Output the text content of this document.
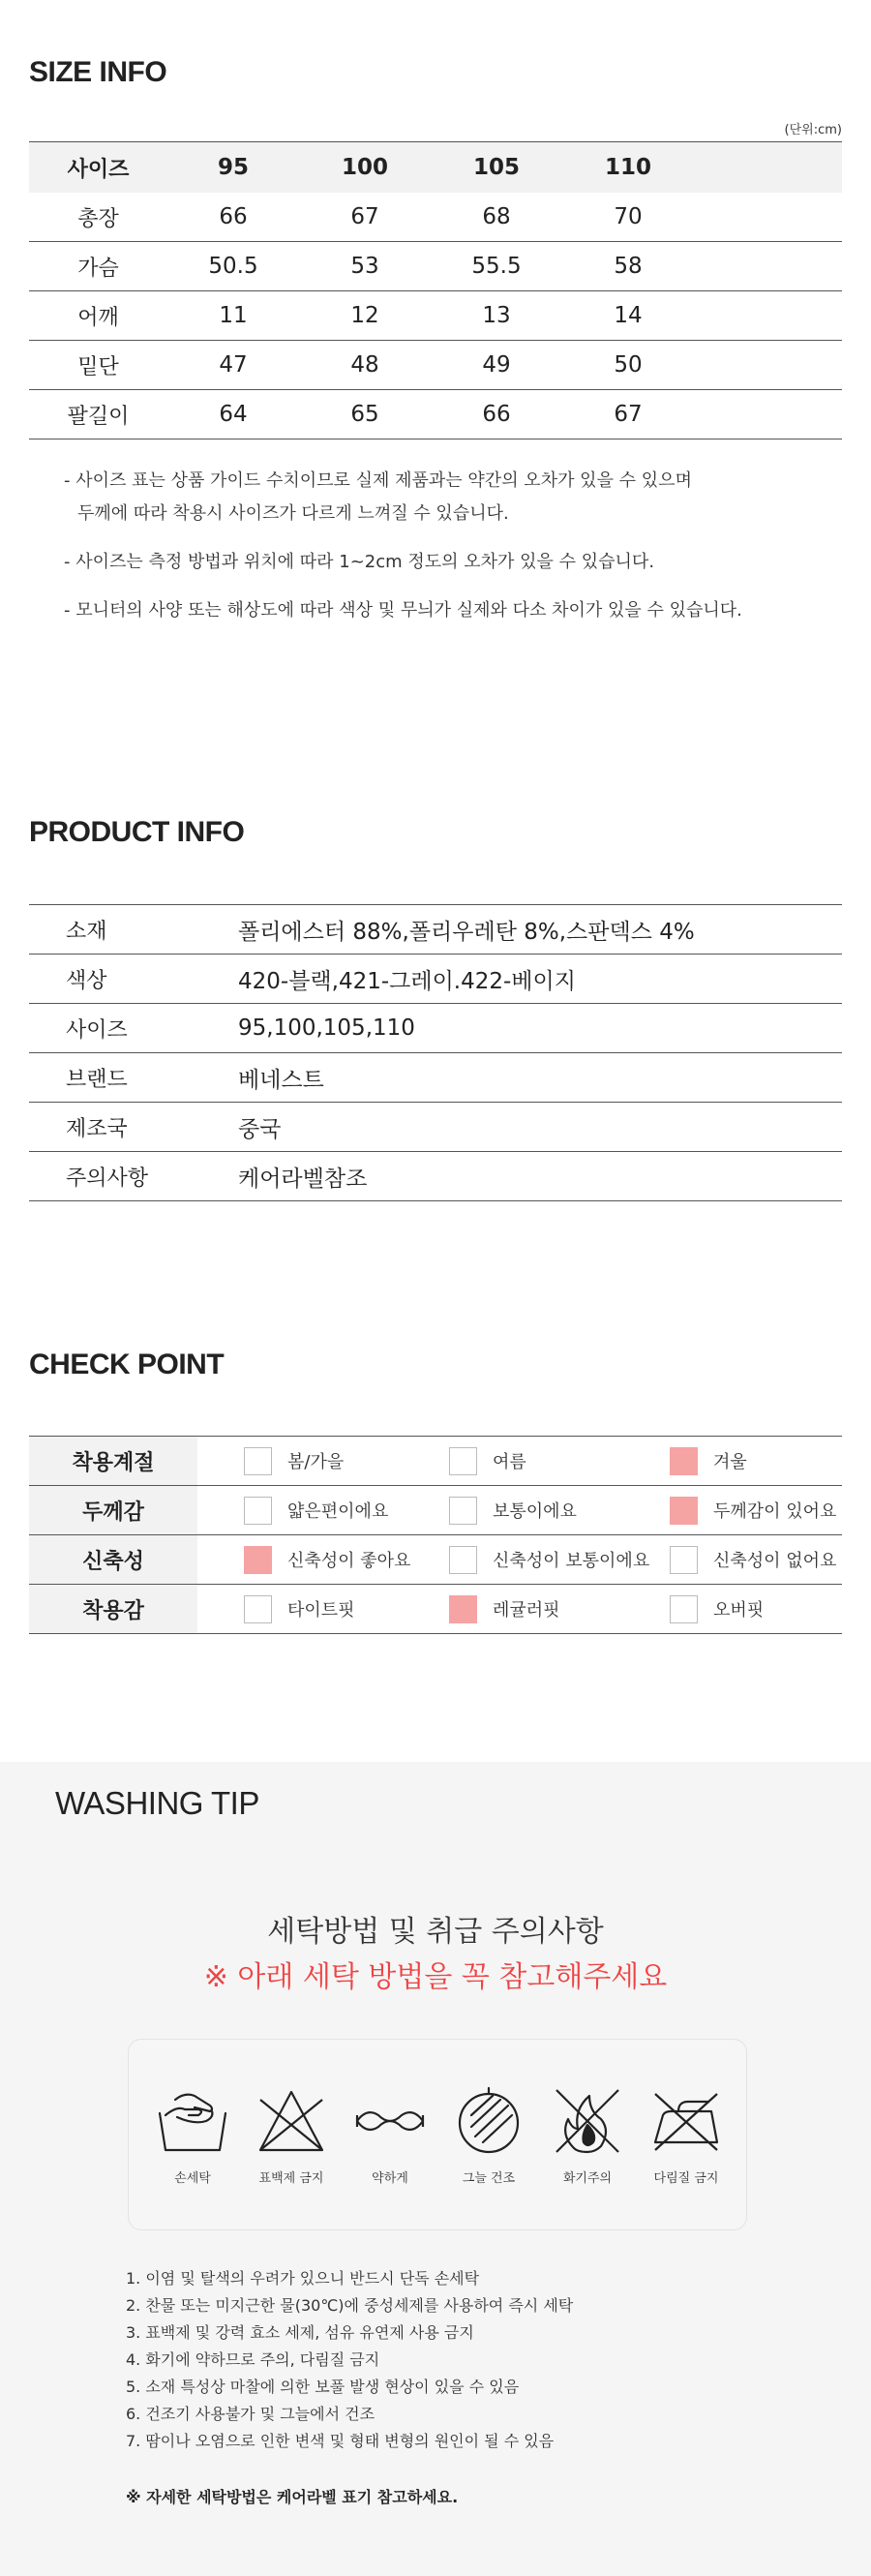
SIZE INFO
(단위:cm)
사이즈	95	100	105	110
총장	66	67	68	70
가슴	50.5	53	55.5	58
어깨	11	12	13	14
밑단	47	48	49	50
팔길이	64	65	66	67

- 사이즈 표는 상품 가이드 수치이므로 실제 제품과는 약간의 오차가 있을 수 있으며
두께에 따라 착용시 사이즈가 다르게 느껴질 수 있습니다.

- 사이즈는 측정 방법과 위치에 따라 1~2cm 정도의 오차가 있을 수 있습니다.

- 모니터의 사양 또는 해상도에 따라 색상 및 무늬가 실제와 다소 차이가 있을 수 있습니다.

PRODUCT INFO
소재	폴리에스터 88%,폴리우레탄 8%,스판덱스 4%
색상	420-블랙,421-그레이.422-베이지
사이즈	95,100,105,110
브랜드	베네스트
제조국	중국
주의사항	케어라벨참조
CHECK POINT
착용계절	봄/가을	여름	겨울
두께감	얇은편이에요	보통이에요	두께감이 있어요
신축성	신축성이 좋아요	신축성이 보통이에요	신축성이 없어요
착용감	타이트핏	레귤러핏	오버핏
WASHING TIP
세탁방법 및 취급 주의사항
※ 아래 세탁 방법을 꼭 참고해주세요
손세탁	표백제 금지	약하게	그늘 건조	화기주의	다림질 금지
1. 이염 및 탈색의 우려가 있으니 반드시 단독 손세탁
2. 찬물 또는 미지근한 물(30℃)에 중성세제를 사용하여 즉시 세탁
3. 표백제 및 강력 효소 세제, 섬유 유연제 사용 금지
4. 화기에 약하므로 주의, 다림질 금지
5. 소재 특성상 마찰에 의한 보풀 발생 현상이 있을 수 있음
6. 건조기 사용불가 및 그늘에서 건조
7. 땀이나 오염으로 인한 변색 및 형태 변형의 원인이 될 수 있음
※ 자세한 세탁방법은 케어라벨 표기 참고하세요.
